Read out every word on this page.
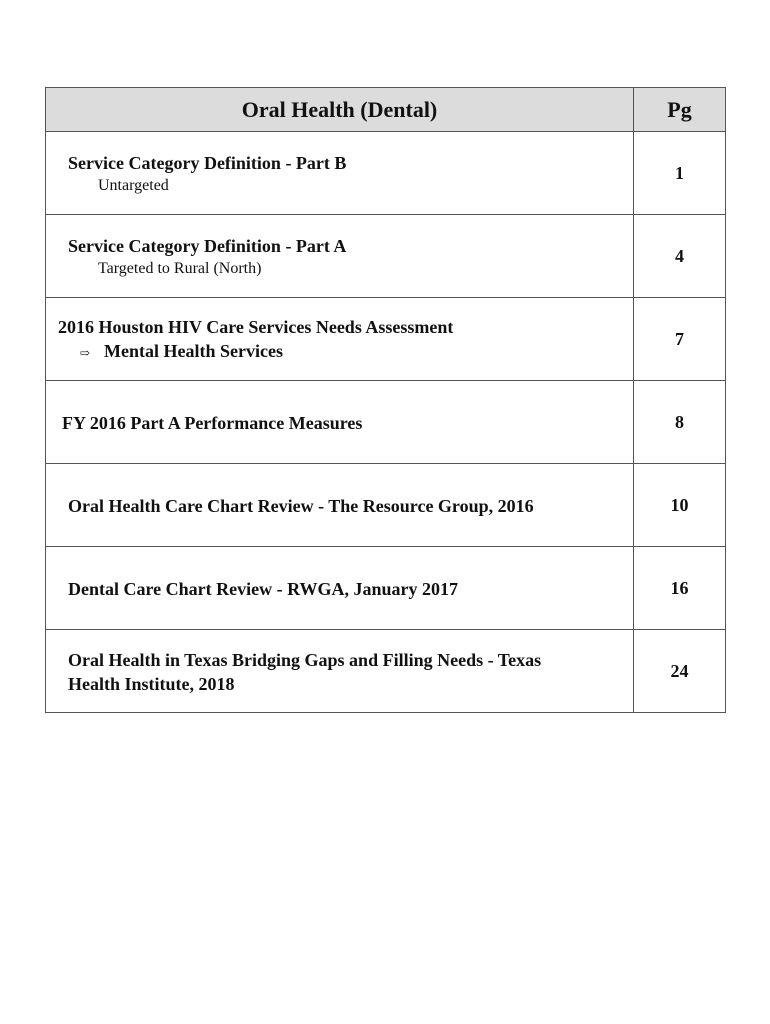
Oral Health (Dental)	Pg

Service Category Definition - Part B
Untargeted	1

Service Category Definition - Part A
Targeted to Rural (North)	4

2016 Houston HIV Care Services Needs Assessment
⇨ Mental Health Services	7

FY 2016 Part A Performance Measures	8

Oral Health Care Chart Review - The Resource Group, 2016	10

Dental Care Chart Review - RWGA, January 2017	16

Oral Health in Texas Bridging Gaps and Filling Needs - Texas
Health Institute, 2018	24
